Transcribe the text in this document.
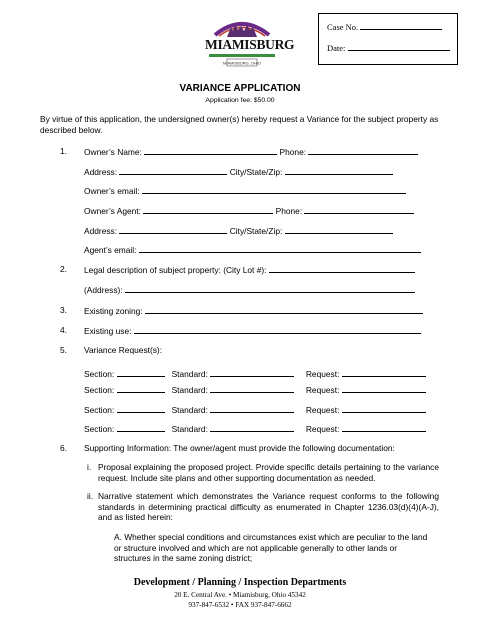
Case No.
Date:
MIAMISBURG, OHIO
MIAMISBURG
VARIANCE APPLICATION
Application fee: $50.00
By virtue of this application, the undersigned owner(s) hereby request a Variance for the subject property as described below.
1. Owner’s Name:	Phone:
Address:	City/State/Zip:
Owner’s email:
Owner’s Agent:	Phone:
Address:	City/State/Zip:
Agent’s email:
2. Legal description of subject property: (City Lot #):
(Address):
3. Existing zoning:
4. Existing use:
5. Variance Request(s):
Section:	Standard:	Request:
Section:	Standard:	Request:
Section:	Standard:	Request:
Section:	Standard:	Request:
6. Supporting Information: The owner/agent must provide the following documentation:
i. Proposal explaining the proposed project. Provide specific details pertaining to the variance request. Include site plans and other supporting documentation as needed.
ii. Narrative statement which demonstrates the Variance request conforms to the following standards in determining practical difficulty as enumerated in Chapter 1236.03(d)(4)(A-J), and as listed herein:
A. Whether special conditions and circumstances exist which are peculiar to the land or structure involved and which are not applicable generally to other lands or structures in the same zoning district;
Development / Planning / Inspection Departments
20 E. Central Ave. • Miamisburg, Ohio 45342
937-847-6532 • FAX 937-847-6662
